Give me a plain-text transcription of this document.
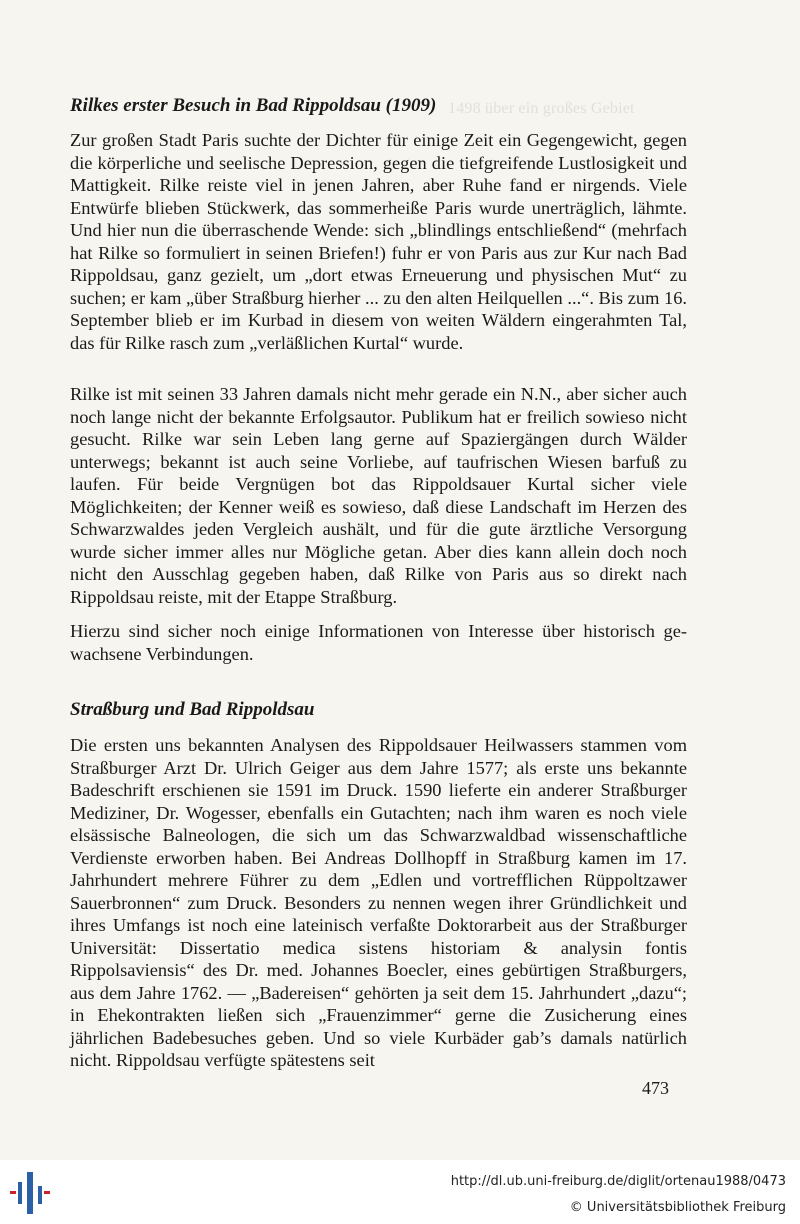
1498 über ein großes Gebiet
Rilkes erster Besuch in Bad Rippoldsau (1909)

Zur großen Stadt Paris suchte der Dichter für einige Zeit ein Gegengewicht, gegen die körperliche und seelische Depression, gegen die tiefgreifende Lustlosigkeit und Mattigkeit. Rilke reiste viel in jenen Jahren, aber Ruhe fand er nirgends. Viele Entwürfe blieben Stückwerk, das sommerheiße Paris wurde unerträglich, lähmte. Und hier nun die überraschende Wende: sich „blindlings entschließend“ (mehrfach hat Rilke so formuliert in seinen Briefen!) fuhr er von Paris aus zur Kur nach Bad Rippoldsau, ganz gezielt, um „dort etwas Erneuerung und physischen Mut“ zu suchen; er kam „über Straßburg hierher ... zu den alten Heilquellen ...“. Bis zum 16. September blieb er im Kurbad in diesem von weiten Wäldern eingerahmten Tal, das für Rilke rasch zum „verläßlichen Kurtal“ wurde.

Rilke ist mit seinen 33 Jahren damals nicht mehr gerade ein N.N., aber sicher auch noch lange nicht der bekannte Erfolgsautor. Publikum hat er freilich sowieso nicht gesucht. Rilke war sein Leben lang gerne auf Spaziergängen durch Wälder unterwegs; bekannt ist auch seine Vorliebe, auf taufrischen Wiesen barfuß zu laufen. Für beide Vergnügen bot das Rippoldsauer Kurtal sicher viele Möglichkeiten; der Kenner weiß es sowieso, daß diese Landschaft im Herzen des Schwarzwaldes jeden Vergleich aushält, und für die gute ärztliche Versorgung wurde sicher immer alles nur Mögliche getan. Aber dies kann allein doch noch nicht den Ausschlag gegeben haben, daß Rilke von Paris aus so direkt nach Rippoldsau reiste, mit der Etappe Straßburg.

Hierzu sind sicher noch einige Informationen von Interesse über historisch gewachsene Verbindungen.

Straßburg und Bad Rippoldsau

Die ersten uns bekannten Analysen des Rippoldsauer Heilwassers stammen vom Straßburger Arzt Dr. Ulrich Geiger aus dem Jahre 1577; als erste uns bekannte Badeschrift erschienen sie 1591 im Druck. 1590 lieferte ein anderer Straßburger Mediziner, Dr. Wogesser, ebenfalls ein Gutachten; nach ihm waren es noch viele elsässische Balneologen, die sich um das Schwarzwaldbad wissenschaftliche Verdienste erworben haben. Bei Andreas Dollhopff in Straßburg kamen im 17. Jahrhundert mehrere Führer zu dem „Edlen und vortrefflichen Rüppoltzawer Sauerbronnen“ zum Druck. Besonders zu nennen wegen ihrer Gründlichkeit und ihres Umfangs ist noch eine lateinisch verfaßte Doktorarbeit aus der Straßburger Universität: Dissertatio medica sistens historiam & analysin fontis Rippolsaviensis“ des Dr. med. Johannes Boecler, eines gebürtigen Straßburgers, aus dem Jahre 1762. — „Badereisen“ gehörten ja seit dem 15. Jahrhundert „dazu“; in Ehekontrakten ließen sich „Frauenzimmer“ gerne die Zusicherung eines jährlichen Badebesuches geben. Und so viele Kurbäder gab’s damals natürlich nicht. Rippoldsau verfügte spätestens seit

473
http://dl.ub.uni-freiburg.de/diglit/ortenau1988/0473
© Universitätsbibliothek Freiburg
